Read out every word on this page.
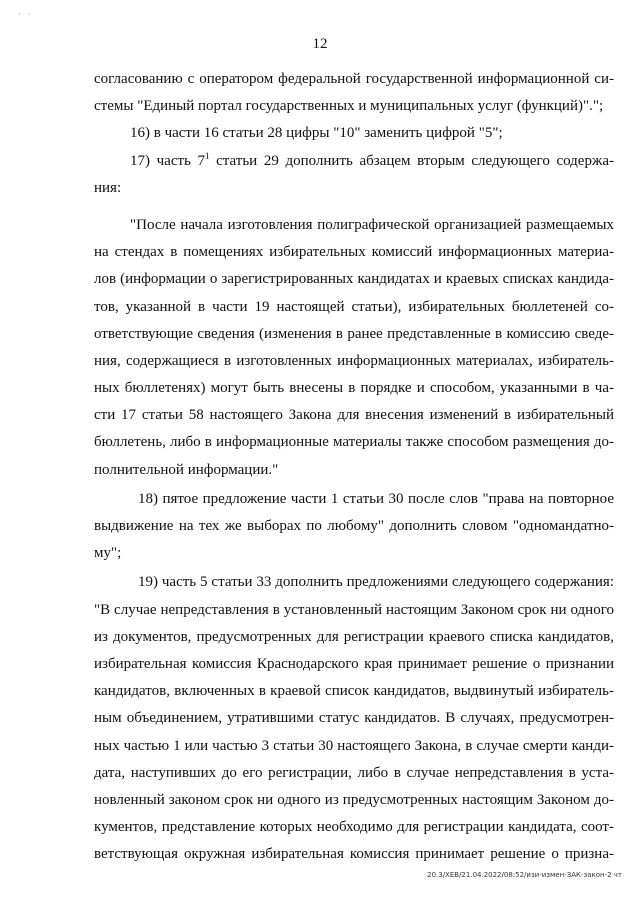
· ·
12
согласованию с оператором федеральной государственной информационной си-
стемы "Единый портал государственных и муниципальных услуг (функций)".";
16) в части 16 статьи 28 цифры "10" заменить цифрой "5";
17) часть $7^1$ статьи 29 дополнить абзацем вторым следующего содержа-
ния:
"После начала изготовления полиграфической организацией размещаемых
на стендах в помещениях избирательных комиссий информационных материа-
лов (информации о зарегистрированных кандидатах и краевых списках кандида-
тов, указанной в части 19 настоящей статьи), избирательных бюллетеней со-
ответствующие сведения (изменения в ранее представленные в комиссию сведе-
ния, содержащиеся в изготовленных информационных материалах, избиратель-
ных бюллетенях) могут быть внесены в порядке и способом, указанными в ча-
сти 17 статьи 58 настоящего Закона для внесения изменений в избирательный
бюллетень, либо в информационные материалы также способом размещения до-
полнительной информации."
18) пятое предложение части 1 статьи 30 после слов "права на повторное
выдвижение на тех же выборах по любому" дополнить словом "одномандатно-
му";
19) часть 5 статьи 33 дополнить предложениями следующего содержания:
"В случае непредставления в установленный настоящим Законом срок ни одного
из документов, предусмотренных для регистрации краевого списка кандидатов,
избирательная комиссия Краснодарского края принимает решение о признании
кандидатов, включенных в краевой список кандидатов, выдвинутый избиратель-
ным объединением, утратившими статус кандидатов. В случаях, предусмотрен-
ных частью 1 или частью 3 статьи 30 настоящего Закона, в случае смерти канди-
дата, наступивших до его регистрации, либо в случае непредставления в уста-
новленный законом срок ни одного из предусмотренных настоящим Законом до-
кументов, представление которых необходимо для регистрации кандидата, соот-
ветствующая окружная избирательная комиссия принимает решение о призна-
20.3/ХЕВ/21.04.2022/08:52/изи-измен-ЗАК-закон-2 чт
